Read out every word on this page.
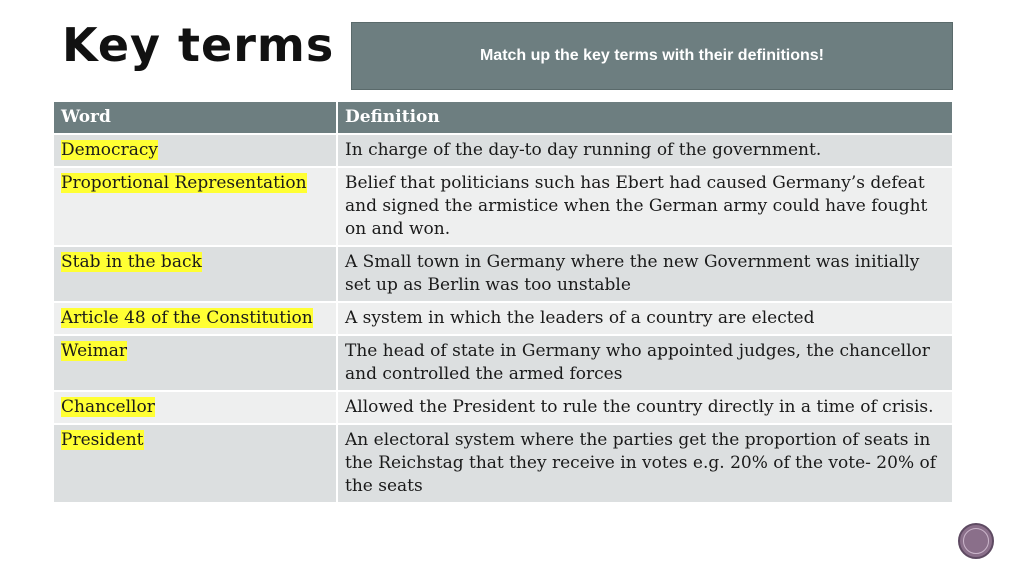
Key terms	Match up the key terms with their definitions!
Word	Definition
Democracy	In charge of the day-to day running of the government.
Proportional Representation	Belief that politicians such has Ebert had caused Germany’s defeat and signed the armistice when the German army could have fought on and won.
Stab in the back	A Small town in Germany where the new Government was initially set up as Berlin was too unstable
Article 48 of the Constitution	A system in which the leaders of a country are elected
Weimar	The head of state in Germany who appointed judges, the chancellor and controlled the armed forces
Chancellor	Allowed the President to rule the country directly in a time of crisis.
President	An electoral system where the parties get the proportion of seats in the Reichstag that they receive in votes e.g. 20% of the vote- 20% of the seats
